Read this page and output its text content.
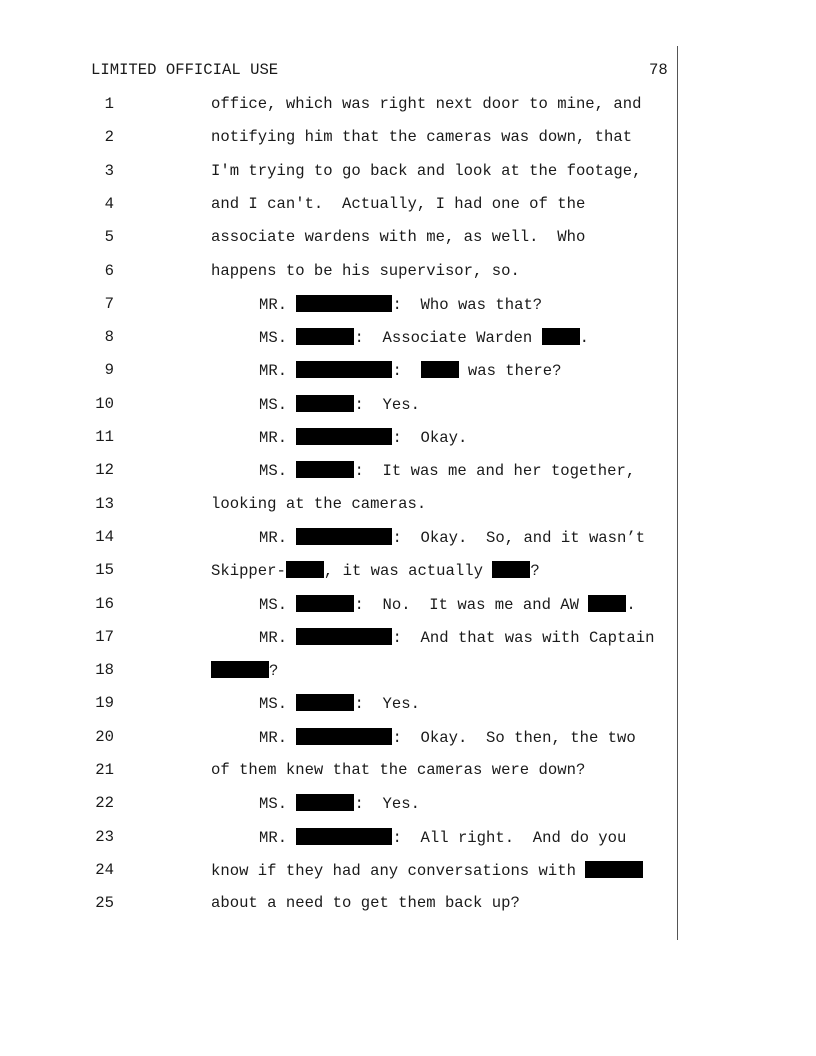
LIMITED OFFICIAL USE	78
1	office, which was right next door to mine, and
2	notifying him that the cameras was down, that
3	I'm trying to go back and look at the footage,
4	and I can't.  Actually, I had one of the
5	associate wardens with me, as well.  Who
6	happens to be his supervisor, so.
7	MR.	:  Who was that?
8	MS.	:  Associate Warden .
9	MR.	:   was there?
10	MS.	:  Yes.
11	MR.	:  Okay.
12	MS.	:  It was me and her together,
13	looking at the cameras.
14	MR.	:  Okay.  So, and it wasn’t
15	Skipper- , it was actually ?
16	MS.	:  No.  It was me and AW .
17	MR.	:  And that was with Captain
18	?
19	MS.	:  Yes.
20	MR.	:  Okay.  So then, the two
21	of them knew that the cameras were down?
22	MS.	:  Yes.
23	MR.	:  All right.  And do you
24	know if they had any conversations with
25	about a need to get them back up?
